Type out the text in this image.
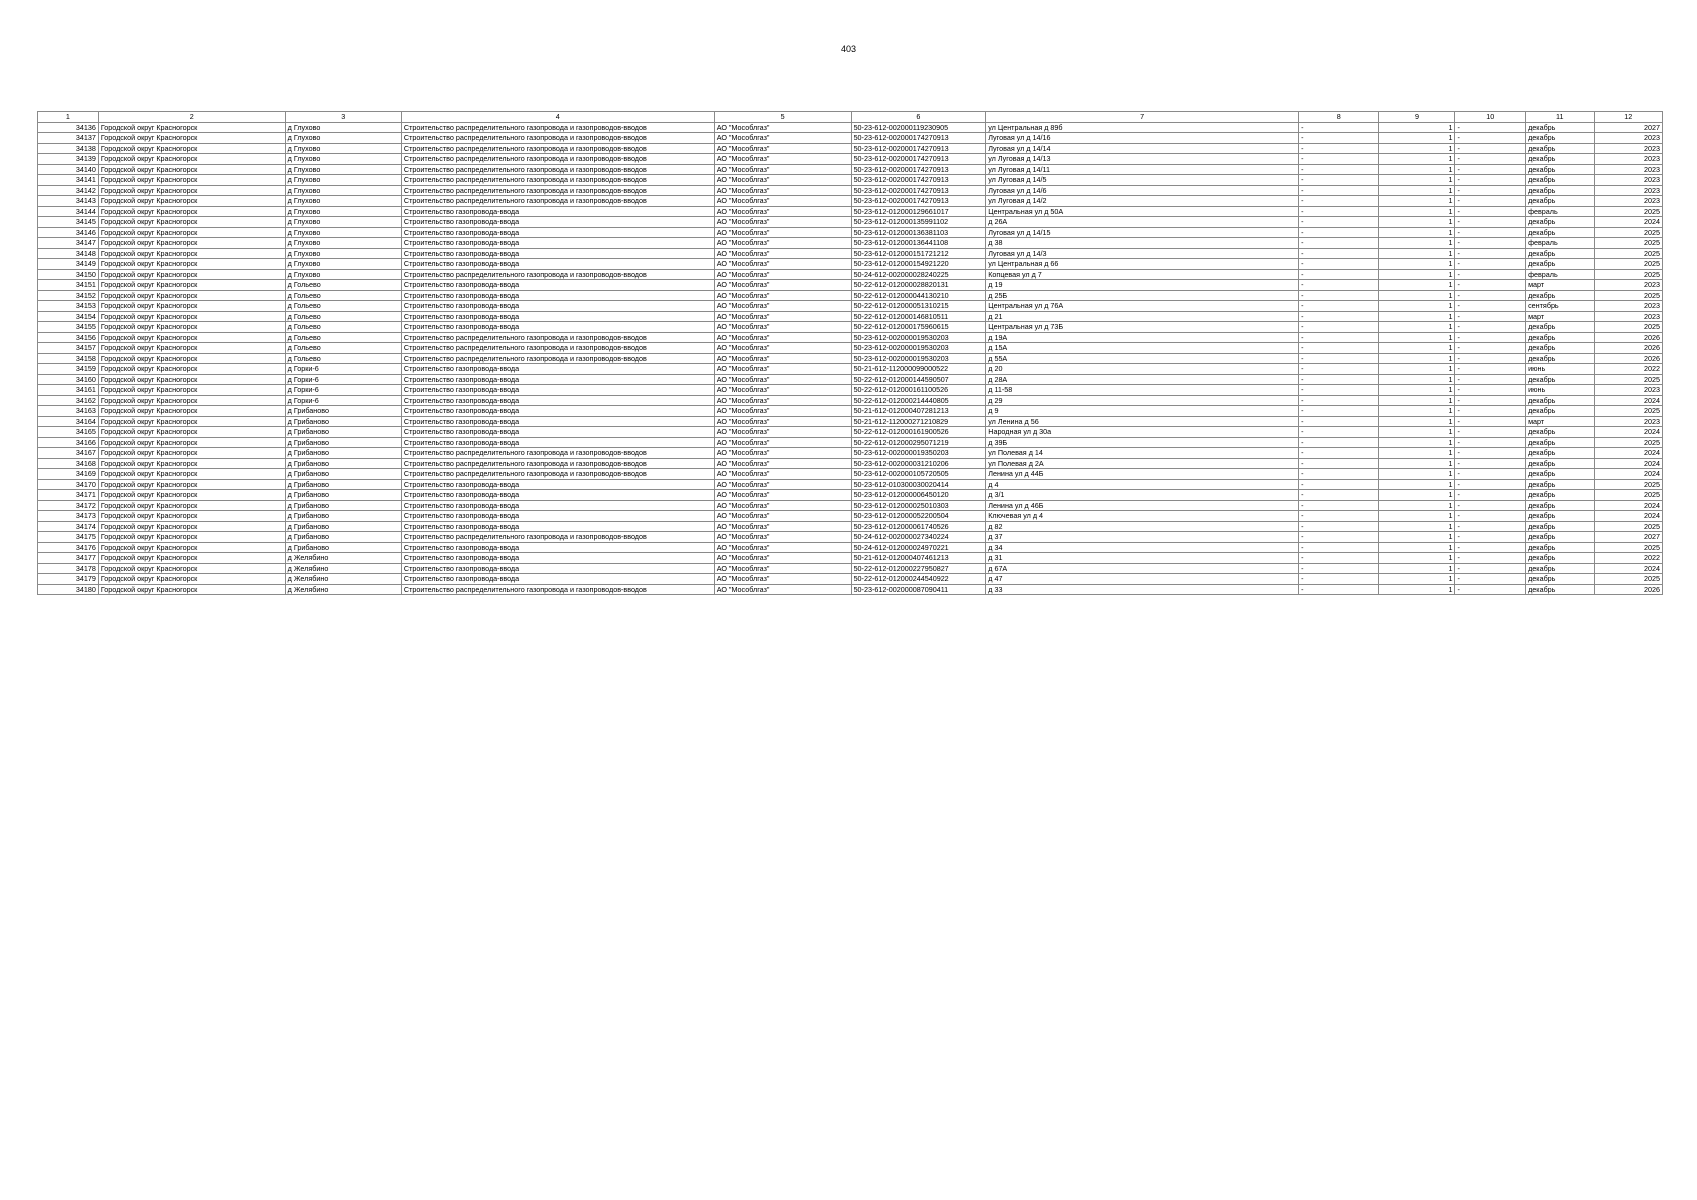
403
1	2	3	4	5	6	7	8	9	10	11	12
34136	Городской округ Красногорск	д Глухово	Строительство распределительного газопровода и газопроводов-вводов	АО "Мособлгаз"	50-23-612-002000119230905	ул Центральная д 89б	-	1	-	декабрь	2027
34137	Городской округ Красногорск	д Глухово	Строительство распределительного газопровода и газопроводов-вводов	АО "Мособлгаз"	50-23-612-002000174270913	Луговая ул д 14/16	-	1	-	декабрь	2023
34138	Городской округ Красногорск	д Глухово	Строительство распределительного газопровода и газопроводов-вводов	АО "Мособлгаз"	50-23-612-002000174270913	Луговая ул д 14/14	-	1	-	декабрь	2023
34139	Городской округ Красногорск	д Глухово	Строительство распределительного газопровода и газопроводов-вводов	АО "Мособлгаз"	50-23-612-002000174270913	ул Луговая д 14/13	-	1	-	декабрь	2023
34140	Городской округ Красногорск	д Глухово	Строительство распределительного газопровода и газопроводов-вводов	АО "Мособлгаз"	50-23-612-002000174270913	ул Луговая д 14/11	-	1	-	декабрь	2023
34141	Городской округ Красногорск	д Глухово	Строительство распределительного газопровода и газопроводов-вводов	АО "Мособлгаз"	50-23-612-002000174270913	ул Луговая д 14/5	-	1	-	декабрь	2023
34142	Городской округ Красногорск	д Глухово	Строительство распределительного газопровода и газопроводов-вводов	АО "Мособлгаз"	50-23-612-002000174270913	Луговая ул д 14/6	-	1	-	декабрь	2023
34143	Городской округ Красногорск	д Глухово	Строительство распределительного газопровода и газопроводов-вводов	АО "Мособлгаз"	50-23-612-002000174270913	ул Луговая д 14/2	-	1	-	декабрь	2023
34144	Городской округ Красногорск	д Глухово	Строительство газопровода-ввода	АО "Мособлгаз"	50-23-612-012000129661017	Центральная ул д 50А	-	1	-	февраль	2025
34145	Городской округ Красногорск	д Глухово	Строительство газопровода-ввода	АО "Мособлгаз"	50-23-612-012000135991102	д 26А	-	1	-	декабрь	2024
34146	Городской округ Красногорск	д Глухово	Строительство газопровода-ввода	АО "Мособлгаз"	50-23-612-012000136381103	Луговая ул д 14/15	-	1	-	декабрь	2025
34147	Городской округ Красногорск	д Глухово	Строительство газопровода-ввода	АО "Мособлгаз"	50-23-612-012000136441108	д 38	-	1	-	февраль	2025
34148	Городской округ Красногорск	д Глухово	Строительство газопровода-ввода	АО "Мособлгаз"	50-23-612-012000151721212	Луговая ул д 14/3	-	1	-	декабрь	2025
34149	Городской округ Красногорск	д Глухово	Строительство газопровода-ввода	АО "Мособлгаз"	50-23-612-012000154921220	ул Центральная д 66	-	1	-	декабрь	2025
34150	Городской округ Красногорск	д Глухово	Строительство распределительного газопровода и газопроводов-вводов	АО "Мособлгаз"	50-24-612-002000028240225	Копцевая ул д 7	-	1	-	февраль	2025
34151	Городской округ Красногорск	д Гольево	Строительство газопровода-ввода	АО "Мособлгаз"	50-22-612-012000028820131	д 19	-	1	-	март	2023
34152	Городской округ Красногорск	д Гольево	Строительство газопровода-ввода	АО "Мособлгаз"	50-22-612-012000044130210	д 25Б	-	1	-	декабрь	2025
34153	Городской округ Красногорск	д Гольево	Строительство газопровода-ввода	АО "Мособлгаз"	50-22-612-012000051310215	Центральная ул д 76А	-	1	-	сентябрь	2023
34154	Городской округ Красногорск	д Гольево	Строительство газопровода-ввода	АО "Мособлгаз"	50-22-612-012000146810511	д 21	-	1	-	март	2023
34155	Городской округ Красногорск	д Гольево	Строительство газопровода-ввода	АО "Мособлгаз"	50-22-612-012000175960615	Центральная ул д 73Б	-	1	-	декабрь	2025
34156	Городской округ Красногорск	д Гольево	Строительство распределительного газопровода и газопроводов-вводов	АО "Мособлгаз"	50-23-612-002000019530203	д 19А	-	1	-	декабрь	2026
34157	Городской округ Красногорск	д Гольево	Строительство распределительного газопровода и газопроводов-вводов	АО "Мособлгаз"	50-23-612-002000019530203	д 15А	-	1	-	декабрь	2026
34158	Городской округ Красногорск	д Гольево	Строительство распределительного газопровода и газопроводов-вводов	АО "Мособлгаз"	50-23-612-002000019530203	д 55А	-	1	-	декабрь	2026
34159	Городской округ Красногорск	д Горки-6	Строительство газопровода-ввода	АО "Мособлгаз"	50-21-612-112000099000522	д 20	-	1	-	июнь	2022
34160	Городской округ Красногорск	д Горки-6	Строительство газопровода-ввода	АО "Мособлгаз"	50-22-612-012000144590507	д 28А	-	1	-	декабрь	2025
34161	Городской округ Красногорск	д Горки-6	Строительство газопровода-ввода	АО "Мособлгаз"	50-22-612-012000161100526	д 11-58	-	1	-	июнь	2023
34162	Городской округ Красногорск	д Горки-6	Строительство газопровода-ввода	АО "Мособлгаз"	50-22-612-012000214440805	д 29	-	1	-	декабрь	2024
34163	Городской округ Красногорск	д Грибаново	Строительство газопровода-ввода	АО "Мособлгаз"	50-21-612-012000407281213	д 9	-	1	-	декабрь	2025
34164	Городской округ Красногорск	д Грибаново	Строительство газопровода-ввода	АО "Мособлгаз"	50-21-612-112000271210829	ул Ленина д 56	-	1	-	март	2023
34165	Городской округ Красногорск	д Грибаново	Строительство газопровода-ввода	АО "Мособлгаз"	50-22-612-012000161900526	Народная ул д 30а	-	1	-	декабрь	2024
34166	Городской округ Красногорск	д Грибаново	Строительство газопровода-ввода	АО "Мособлгаз"	50-22-612-012000295071219	д 39Б	-	1	-	декабрь	2025
34167	Городской округ Красногорск	д Грибаново	Строительство распределительного газопровода и газопроводов-вводов	АО "Мособлгаз"	50-23-612-002000019350203	ул Полевая д 14	-	1	-	декабрь	2024
34168	Городской округ Красногорск	д Грибаново	Строительство распределительного газопровода и газопроводов-вводов	АО "Мособлгаз"	50-23-612-002000031210206	ул Полевая д 2А	-	1	-	декабрь	2024
34169	Городской округ Красногорск	д Грибаново	Строительство распределительного газопровода и газопроводов-вводов	АО "Мособлгаз"	50-23-612-002000105720505	Ленина ул д 44Б	-	1	-	декабрь	2024
34170	Городской округ Красногорск	д Грибаново	Строительство газопровода-ввода	АО "Мособлгаз"	50-23-612-010300030020414	д 4	-	1	-	декабрь	2025
34171	Городской округ Красногорск	д Грибаново	Строительство газопровода-ввода	АО "Мособлгаз"	50-23-612-012000006450120	д 3/1	-	1	-	декабрь	2025
34172	Городской округ Красногорск	д Грибаново	Строительство газопровода-ввода	АО "Мособлгаз"	50-23-612-012000025010303	Ленина ул д 46Б	-	1	-	декабрь	2024
34173	Городской округ Красногорск	д Грибаново	Строительство газопровода-ввода	АО "Мособлгаз"	50-23-612-012000052200504	Ключевая ул д 4	-	1	-	декабрь	2024
34174	Городской округ Красногорск	д Грибаново	Строительство газопровода-ввода	АО "Мособлгаз"	50-23-612-012000061740526	д 82	-	1	-	декабрь	2025
34175	Городской округ Красногорск	д Грибаново	Строительство распределительного газопровода и газопроводов-вводов	АО "Мособлгаз"	50-24-612-002000027340224	д 37	-	1	-	декабрь	2027
34176	Городской округ Красногорск	д Грибаново	Строительство газопровода-ввода	АО "Мособлгаз"	50-24-612-012000024970221	д 34	-	1	-	декабрь	2025
34177	Городской округ Красногорск	д Желябино	Строительство газопровода-ввода	АО "Мособлгаз"	50-21-612-012000407461213	д 31	-	1	-	декабрь	2022
34178	Городской округ Красногорск	д Желябино	Строительство газопровода-ввода	АО "Мособлгаз"	50-22-612-012000227950827	д 67А	-	1	-	декабрь	2024
34179	Городской округ Красногорск	д Желябино	Строительство газопровода-ввода	АО "Мособлгаз"	50-22-612-012000244540922	д 47	-	1	-	декабрь	2025
34180	Городской округ Красногорск	д Желябино	Строительство распределительного газопровода и газопроводов-вводов	АО "Мособлгаз"	50-23-612-002000087090411	д 33	-	1	-	декабрь	2026
